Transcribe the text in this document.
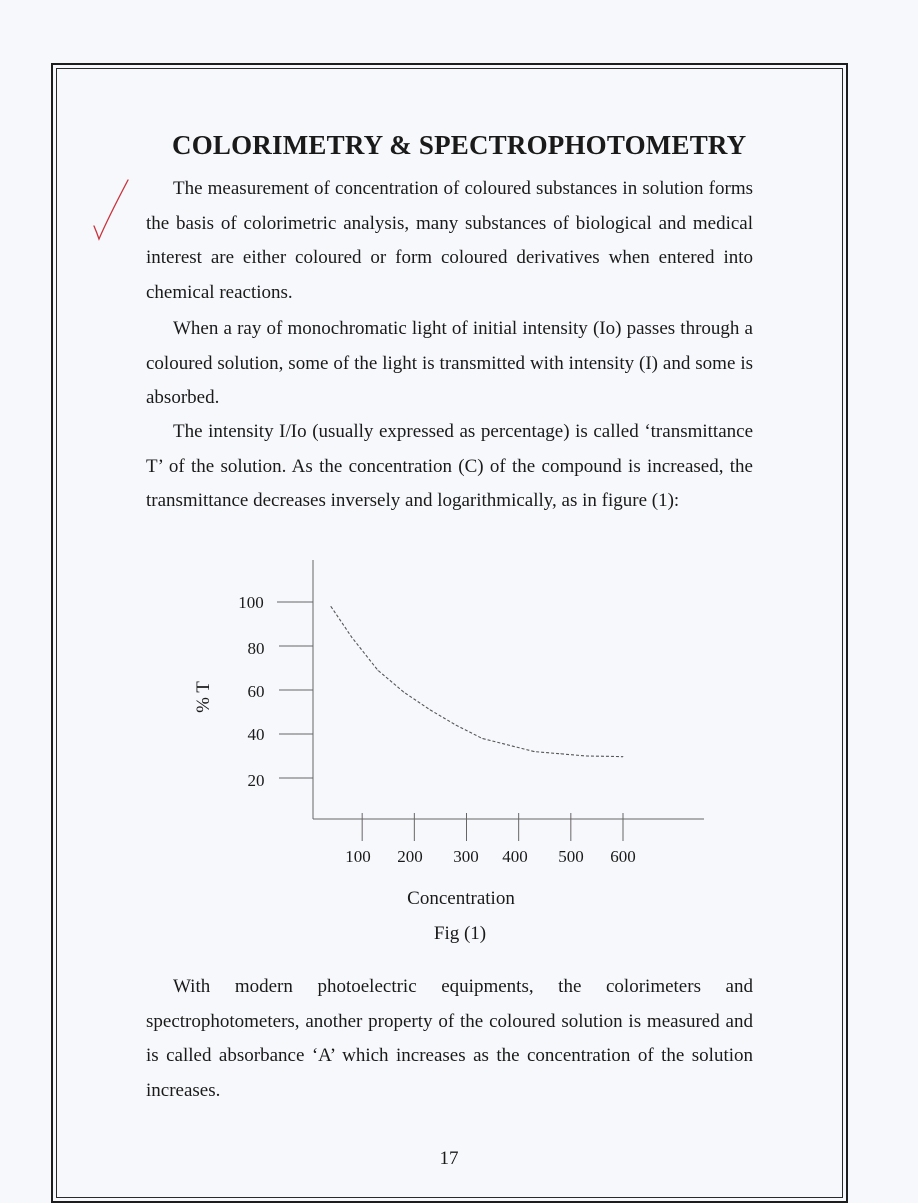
COLORIMETRY & SPECTROPHOTOMETRY

The measurement of concentration of coloured substances in solution forms the basis of colorimetric analysis, many substances of biological and medical interest are either coloured or form coloured derivatives when entered into chemical reactions.

When a ray of monochromatic light of initial intensity (Io) passes through a coloured solution, some of the light is transmitted with intensity (I) and some is absorbed.

The intensity I/Io (usually expressed as percentage) is called ‘transmittance T’ of the solution. As the concentration (C) of the compound is increased, the transmittance decreases inversely and logarithmically, as in figure (1):

100
80
60
40
20
% T
100 200 300 400 500 600
Concentration
Fig (1)

With modern photoelectric equipments, the colorimeters and spectrophotometers, another property of the coloured solution is measured and is called absorbance ‘A’ which increases as the concentration of the solution increases.

17
